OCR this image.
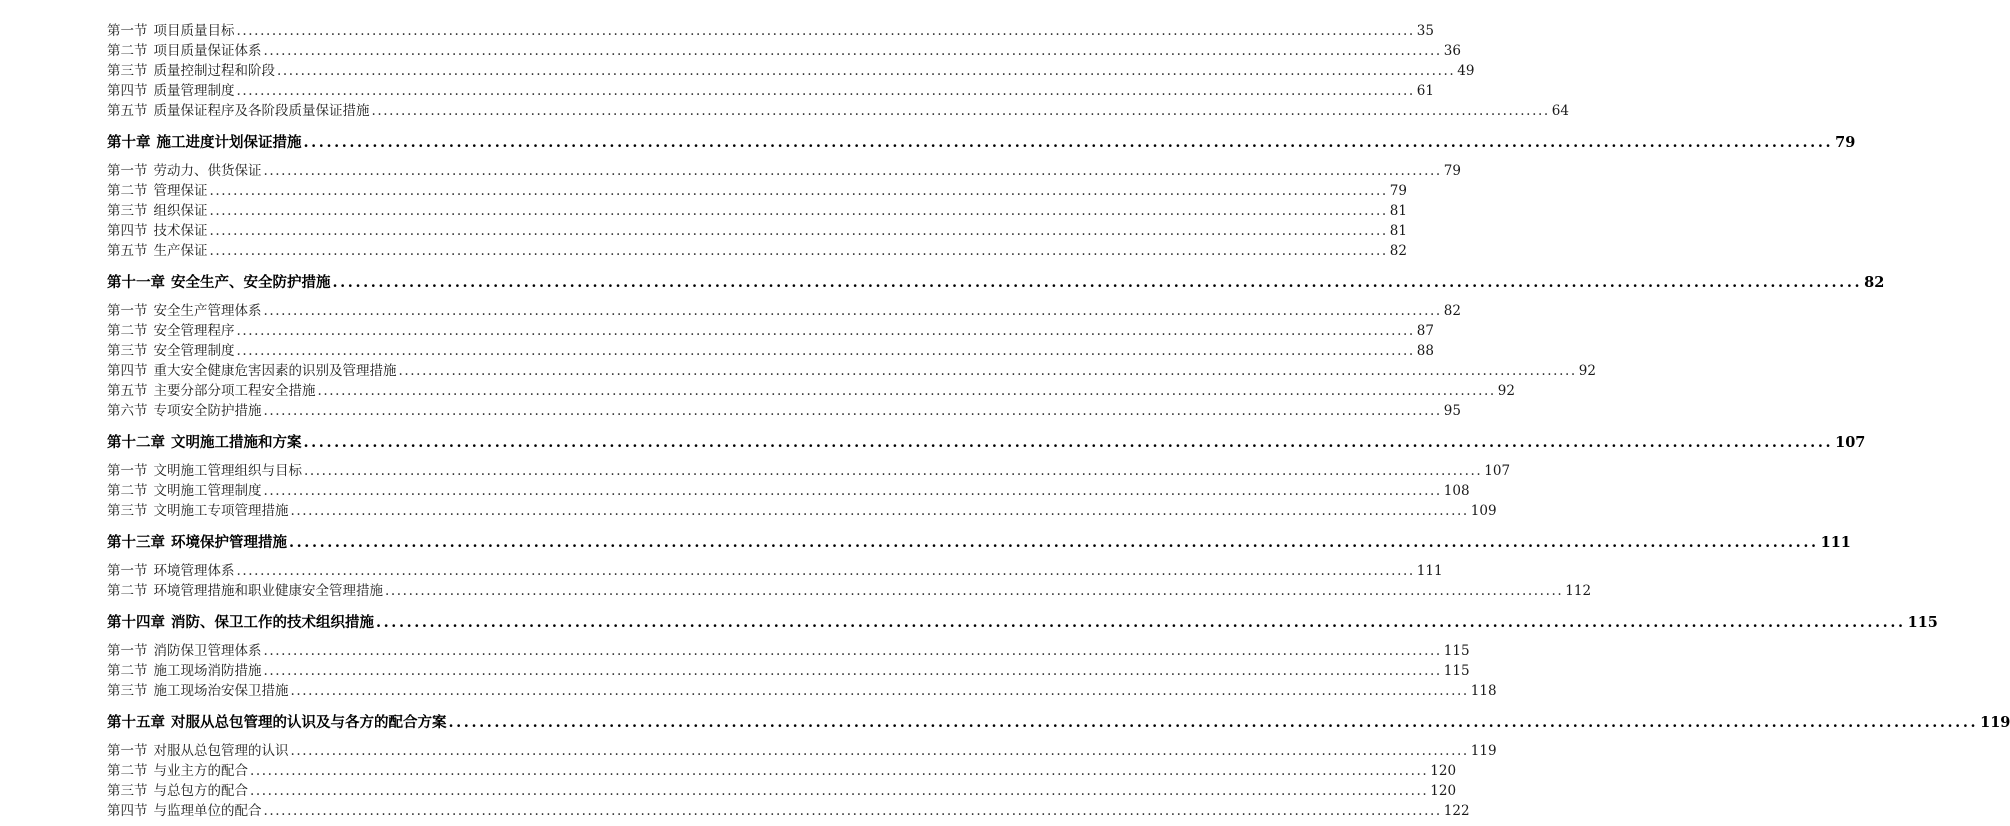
第一节 项目质量目标 ........................................................................................................................................................................................................ 35
第二节 项目质量保证体系 ........................................................................................................................................................................................................ 36
第三节 质量控制过程和阶段 ........................................................................................................................................................................................................ 49
第四节 质量管理制度 ........................................................................................................................................................................................................ 61
第五节 质量保证程序及各阶段质量保证措施 ........................................................................................................................................................................................................ 64
第十章 施工进度计划保证措施 ........................................................................................................................................................................................................ 79
第一节 劳动力、供货保证 ........................................................................................................................................................................................................ 79
第二节 管理保证 ........................................................................................................................................................................................................ 79
第三节 组织保证 ........................................................................................................................................................................................................ 81
第四节 技术保证 ........................................................................................................................................................................................................ 81
第五节 生产保证 ........................................................................................................................................................................................................ 82
第十一章 安全生产、安全防护措施 ........................................................................................................................................................................................................ 82
第一节 安全生产管理体系 ........................................................................................................................................................................................................ 82
第二节 安全管理程序 ........................................................................................................................................................................................................ 87
第三节 安全管理制度 ........................................................................................................................................................................................................ 88
第四节 重大安全健康危害因素的识别及管理措施 ........................................................................................................................................................................................................ 92
第五节 主要分部分项工程安全措施 ........................................................................................................................................................................................................ 92
第六节 专项安全防护措施 ........................................................................................................................................................................................................ 95
第十二章 文明施工措施和方案 ........................................................................................................................................................................................................ 107
第一节 文明施工管理组织与目标 ........................................................................................................................................................................................................ 107
第二节 文明施工管理制度 ........................................................................................................................................................................................................ 108
第三节 文明施工专项管理措施 ........................................................................................................................................................................................................ 109
第十三章 环境保护管理措施 ........................................................................................................................................................................................................ 111
第一节 环境管理体系 ........................................................................................................................................................................................................ 111
第二节 环境管理措施和职业健康安全管理措施 ........................................................................................................................................................................................................ 112
第十四章 消防、保卫工作的技术组织措施 ........................................................................................................................................................................................................ 115
第一节 消防保卫管理体系 ........................................................................................................................................................................................................ 115
第二节 施工现场消防措施 ........................................................................................................................................................................................................ 115
第三节 施工现场治安保卫措施 ........................................................................................................................................................................................................ 118
第十五章 对服从总包管理的认识及与各方的配合方案 ........................................................................................................................................................................................................ 119
第一节 对服从总包管理的认识 ........................................................................................................................................................................................................ 119
第二节 与业主方的配合 ........................................................................................................................................................................................................ 120
第三节 与总包方的配合 ........................................................................................................................................................................................................ 120
第四节 与监理单位的配合 ........................................................................................................................................................................................................ 122
